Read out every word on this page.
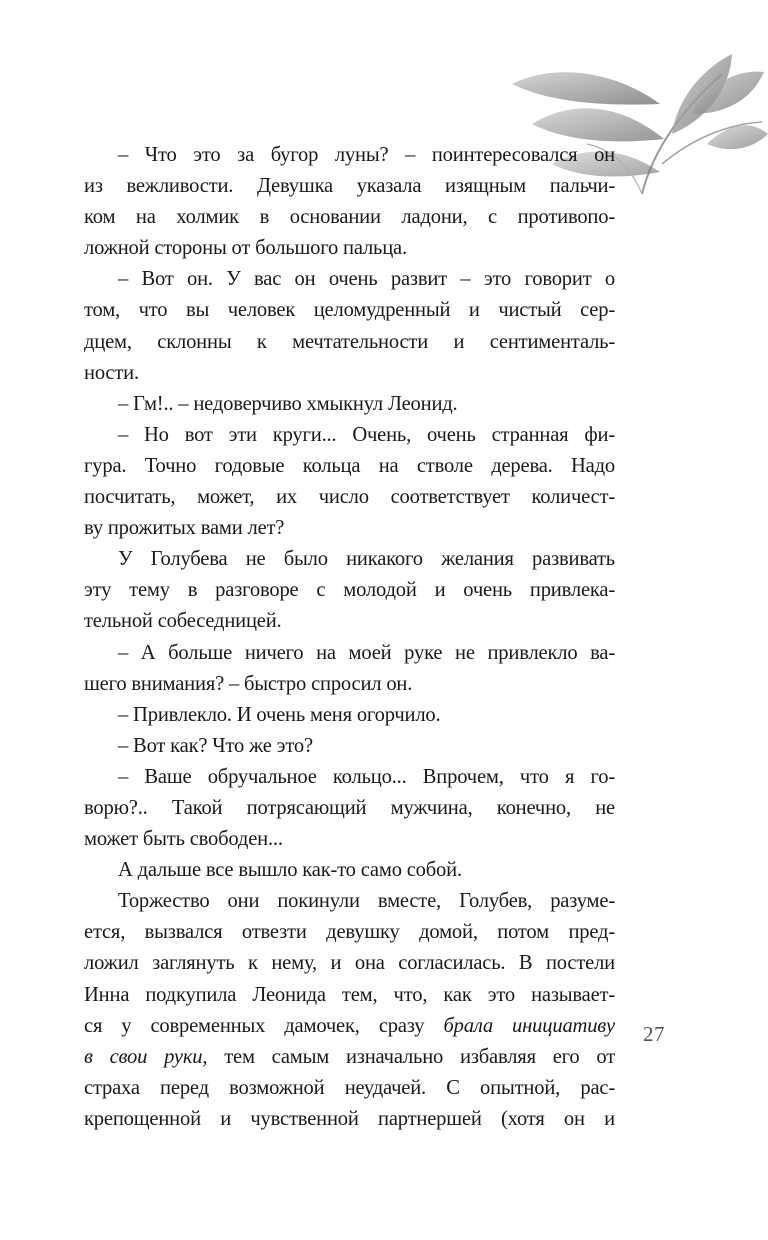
– Что это за бугор луны? – поинтересовался он
из вежливости. Девушка указала изящным пальчи-
ком на холмик в основании ладони, с противопо-
ложной стороны от большого пальца.
– Вот он. У вас он очень развит – это говорит о
том, что вы человек целомудренный и чистый сер-
дцем, склонны к мечтательности и сентименталь-
ности.
– Гм!.. – недоверчиво хмыкнул Леонид.
– Но вот эти круги... Очень, очень странная фи-
гура. Точно годовые кольца на стволе дерева. Надо
посчитать, может, их число соответствует количест-
ву прожитых вами лет?
У Голубева не было никакого желания развивать
эту тему в разговоре с молодой и очень привлека-
тельной собеседницей.
– А больше ничего на моей руке не привлекло ва-
шего внимания? – быстро спросил он.
– Привлекло. И очень меня огорчило.
– Вот как? Что же это?
– Ваше обручальное кольцо... Впрочем, что я го-
ворю?.. Такой потрясающий мужчина, конечно, не
может быть свободен...
А дальше все вышло как-то само собой.
Торжество они покинули вместе, Голубев, разуме-
ется, вызвался отвезти девушку домой, потом пред-
ложил заглянуть к нему, и она согласилась. В постели
Инна подкупила Леонида тем, что, как это называет-
ся у современных дамочек, сразу брала инициативу
в свои руки, тем самым изначально избавляя его от
страха перед возможной неудачей. С опытной, рас-
крепощенной и чувственной партнершей (хотя он и
27
